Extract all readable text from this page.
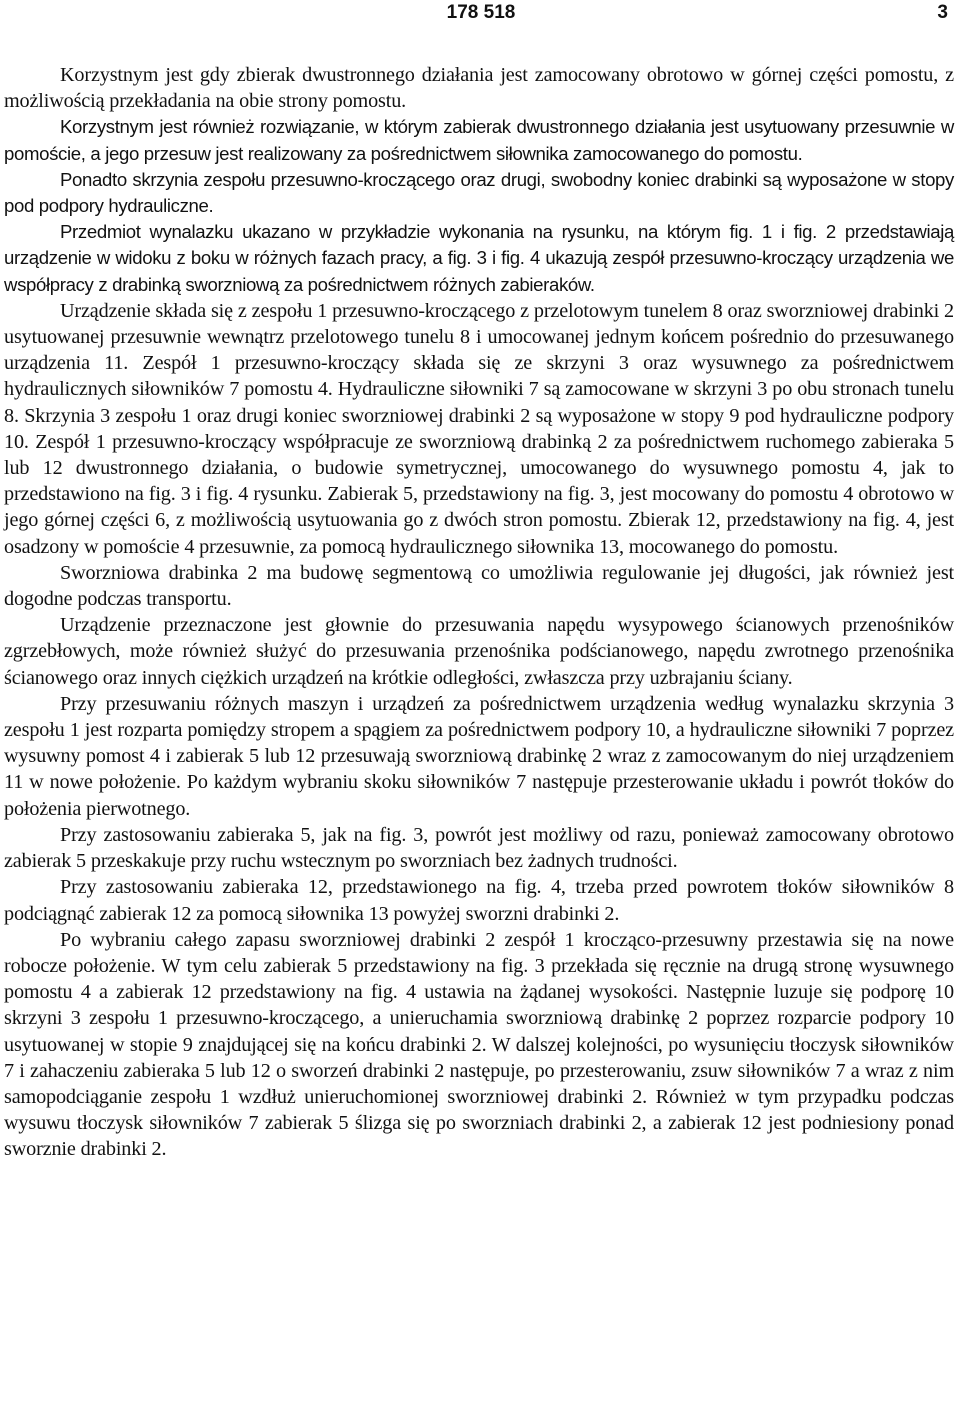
178 518	3

Korzystnym jest gdy zbierak dwustronnego działania jest zamocowany obrotowo w górnej części pomostu, z możliwością przekładania na obie strony pomostu.

Korzystnym jest również rozwiązanie, w którym zabierak dwustronnego działania jest usytuowany przesuwnie w pomoście, a jego przesuw jest realizowany za pośrednictwem siłownika zamocowanego do pomostu.

Ponadto skrzynia zespołu przesuwno-kroczącego oraz drugi, swobodny koniec drabinki są wyposażone w stopy pod podpory hydrauliczne.

Przedmiot wynalazku ukazano w przykładzie wykonania na rysunku, na którym fig. 1 i fig. 2 przedstawiają urządzenie w widoku z boku w różnych fazach pracy, a fig. 3 i fig. 4 ukazują zespół przesuwno-kroczący urządzenia we współpracy z drabinką sworzniową za pośrednictwem różnych zabieraków.

Urządzenie składa się z zespołu 1 przesuwno-kroczącego z przelotowym tunelem 8 oraz sworzniowej drabinki 2 usytuowanej przesuwnie wewnątrz przelotowego tunelu 8 i umocowanej jednym końcem pośrednio do przesuwanego urządzenia 11. Zespół 1 przesuwno-kroczący składa się ze skrzyni 3 oraz wysuwnego za pośrednictwem hydraulicznych siłowników 7 pomostu 4. Hydrauliczne siłowniki 7 są zamocowane w skrzyni 3 po obu stronach tunelu 8. Skrzynia 3 zespołu 1 oraz drugi koniec sworzniowej drabinki 2 są wyposażone w stopy 9 pod hydrauliczne podpory 10. Zespół 1 przesuwno-kroczący współpracuje ze sworzniową drabinką 2 za pośrednictwem ruchomego zabieraka 5 lub 12 dwustronnego działania, o budowie symetrycznej, umocowanego do wysuwnego pomostu 4, jak to przedstawiono na fig. 3 i fig. 4 rysunku. Zabierak 5, przedstawiony na fig. 3, jest mocowany do pomostu 4 obrotowo w jego górnej części 6, z możliwością usytuowania go z dwóch stron pomostu. Zbierak 12, przedstawiony na fig. 4, jest osadzony w pomoście 4 przesuwnie, za pomocą hydraulicznego siłownika 13, mocowanego do pomostu.

Sworzniowa drabinka 2 ma budowę segmentową co umożliwia regulowanie jej długości, jak również jest dogodne podczas transportu.

Urządzenie przeznaczone jest głownie do przesuwania napędu wysypowego ścianowych przenośników zgrzebłowych, może również służyć do przesuwania przenośnika podścianowego, napędu zwrotnego przenośnika ścianowego oraz innych ciężkich urządzeń na krótkie odległości, zwłaszcza przy uzbrajaniu ściany.

Przy przesuwaniu różnych maszyn i urządzeń za pośrednictwem urządzenia według wynalazku skrzynia 3 zespołu 1 jest rozparta pomiędzy stropem a spągiem za pośrednictwem podpory 10, a hydrauliczne siłowniki 7 poprzez wysuwny pomost 4 i zabierak 5 lub 12 przesuwają sworzniową drabinkę 2 wraz z zamocowanym do niej urządzeniem 11 w nowe położenie. Po każdym wybraniu skoku siłowników 7 następuje przesterowanie układu i powrót tłoków do położenia pierwotnego.

Przy zastosowaniu zabieraka 5, jak na fig. 3, powrót jest możliwy od razu, ponieważ zamocowany obrotowo zabierak 5 przeskakuje przy ruchu wstecznym po sworzniach bez żadnych trudności.

Przy zastosowaniu zabieraka 12, przedstawionego na fig. 4, trzeba przed powrotem tłoków siłowników 8 podciągnąć zabierak 12 za pomocą siłownika 13 powyżej sworzni drabinki 2.

Po wybraniu całego zapasu sworzniowej drabinki 2 zespół 1 krocząco-przesuwny przestawia się na nowe robocze położenie. W tym celu zabierak 5 przedstawiony na fig. 3 przekłada się ręcznie na drugą stronę wysuwnego pomostu 4 a zabierak 12 przedstawiony na fig. 4 ustawia na żądanej wysokości. Następnie luzuje się podporę 10 skrzyni 3 zespołu 1 przesuwno-kroczącego, a unieruchamia sworzniową drabinkę 2 poprzez rozparcie podpory 10 usytuowanej w stopie 9 znajdującej się na końcu drabinki 2. W dalszej kolejności, po wysunięciu tłoczysk siłowników 7 i zahaczeniu zabieraka 5 lub 12 o sworzeń drabinki 2 następuje, po przesterowaniu, zsuw siłowników 7 a wraz z nim samopodciąganie zespołu 1 wzdłuż unieruchomionej sworzniowej drabinki 2. Również w tym przypadku podczas wysuwu tłoczysk siłowników 7 zabierak 5 ślizga się po sworzniach drabinki 2, a zabierak 12 jest podniesiony ponad sworznie drabinki 2.
